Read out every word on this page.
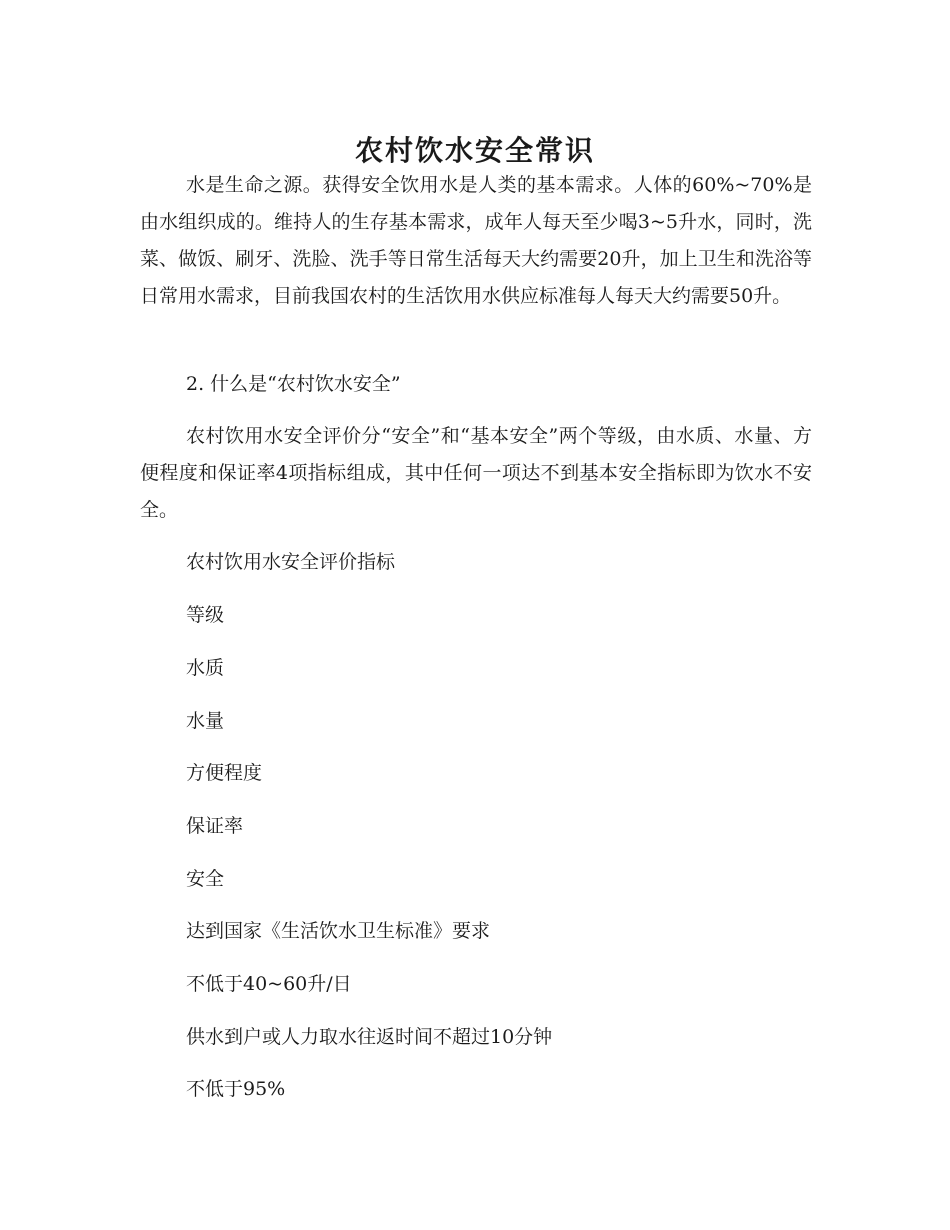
农村饮水安全常识

水是生命之源。获得安全饮用水是人类的基本需求。人体的60%~70%是由水组织成的。维持人的生存基本需求，成年人每天至少喝3~5升水，同时，洗菜、做饭、刷牙、洗脸、洗手等日常生活每天大约需要20升，加上卫生和洗浴等日常用水需求，目前我国农村的生活饮用水供应标准每人每天大约需要50升。

2. 什么是“农村饮水安全”

农村饮用水安全评价分“安全”和“基本安全”两个等级，由水质、水量、方便程度和保证率4项指标组成，其中任何一项达不到基本安全指标即为饮水不安全。

农村饮用水安全评价指标

等级

水质

水量

方便程度

保证率

安全

达到国家《生活饮水卫生标准》要求

不低于40~60升/日

供水到户或人力取水往返时间不超过10分钟

不低于95%
